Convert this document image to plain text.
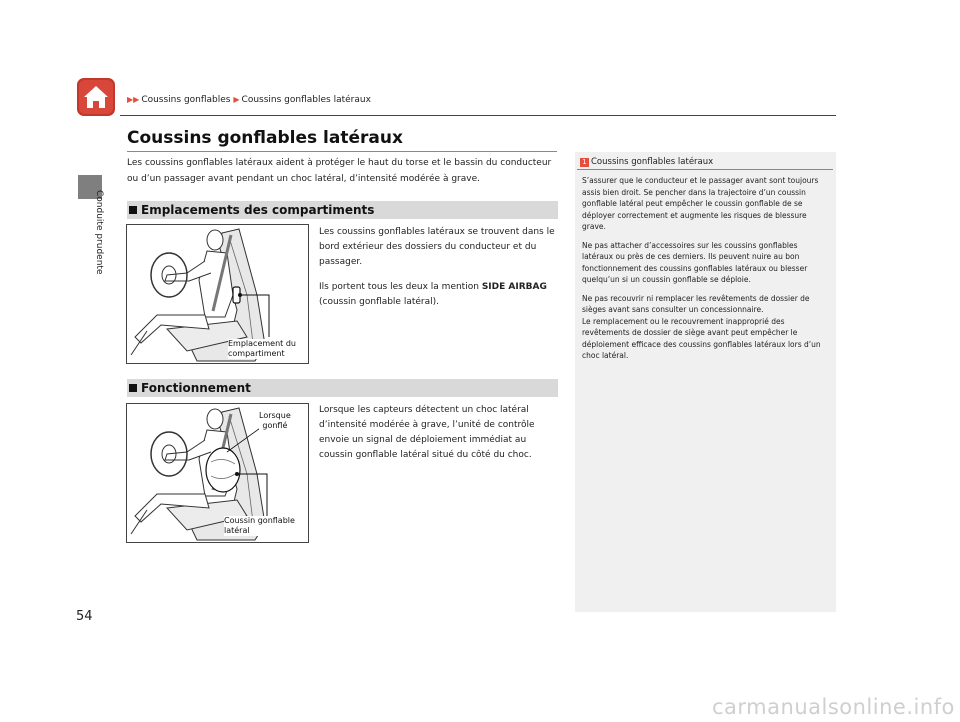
▶▶ Coussins gonflables ▶ Coussins gonflables latéraux
Conduite prudente
Coussins gonflables latéraux
Les coussins gonflables latéraux aident à protéger le haut du torse et le bassin du conducteur ou d’un passager avant pendant un choc latéral, d’intensité modérée à grave.
Emplacements des compartiments
Emplacement du
compartiment

Les coussins gonflables latéraux se trouvent dans le bord extérieur des dossiers du conducteur et du passager.

Ils portent tous les deux la mention SIDE AIRBAG
(coussin gonflable latéral).

Fonctionnement
Lorsque
gonflé
Coussin gonflable
latéral

Lorsque les capteurs détectent un choc latéral d’intensité modérée à grave, l’unité de contrôle envoie un signal de déploiement immédiat au coussin gonflable latéral situé du côté du choc.

1 Coussins gonflables latéraux

S’assurer que le conducteur et le passager avant sont toujours assis bien droit. Se pencher dans la trajectoire d’un coussin gonflable latéral peut empêcher le coussin gonflable de se déployer correctement et augmente les risques de blessure grave.

Ne pas attacher d’accessoires sur les coussins gonflables latéraux ou près de ces derniers. Ils peuvent nuire au bon fonctionnement des coussins gonflables latéraux ou blesser quelqu’un si un coussin gonflable se déploie.

Ne pas recouvrir ni remplacer les revêtements de dossier de sièges avant sans consulter un concessionnaire.

Le remplacement ou le recouvrement inapproprié des revêtements de dossier de siège avant peut empêcher le déploiement efficace des coussins gonflables latéraux lors d’un choc latéral.

54
carmanualsonline.info
